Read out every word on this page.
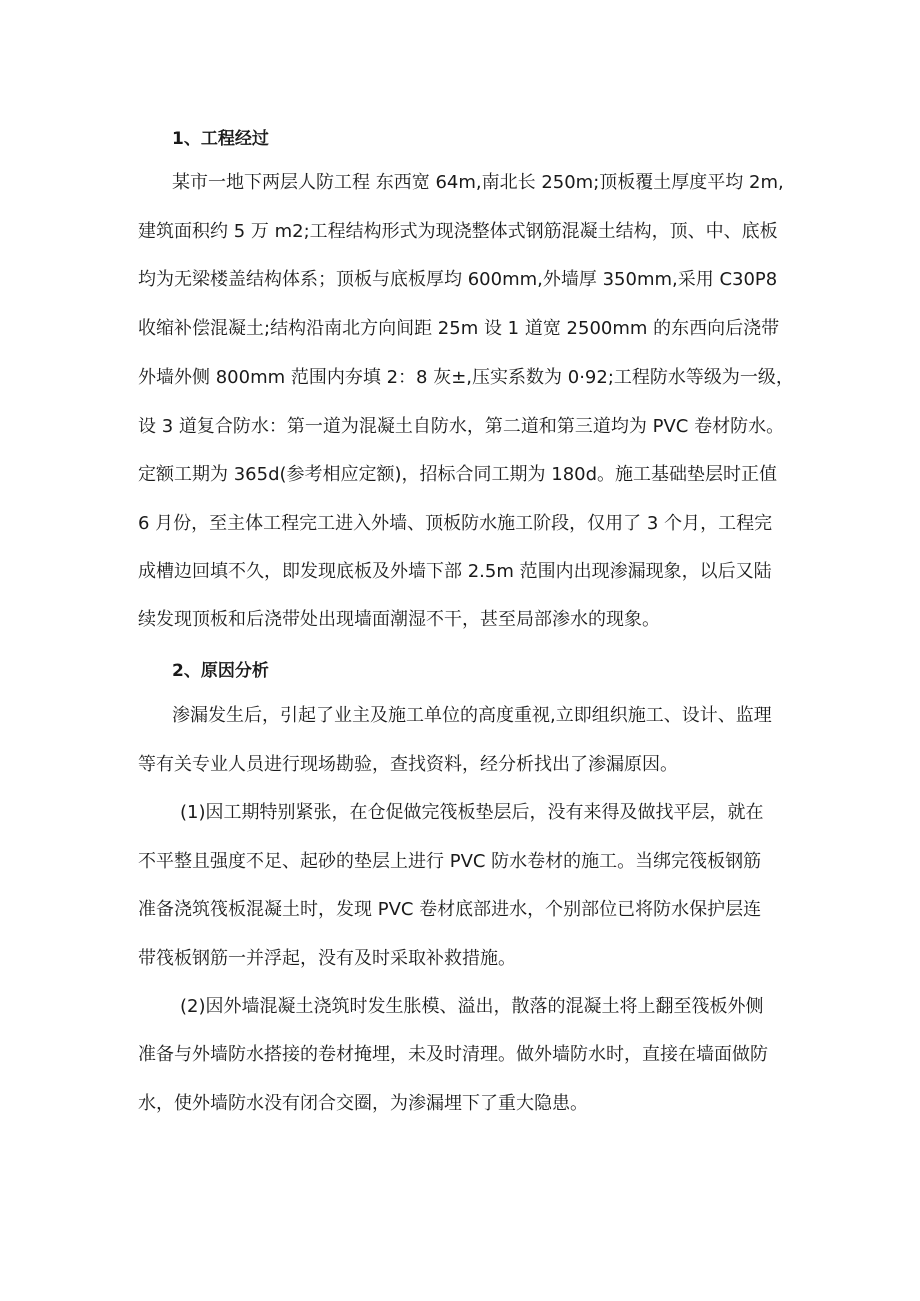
1、工程经过

某市一地下两层人防工程 东西宽 64m,南北长 250m;顶板覆土厚度平均 2m,

建筑面积约 5 万 m2;工程结构形式为现浇整体式钢筋混凝土结构，顶、中、底板

均为无梁楼盖结构体系；顶板与底板厚均 600mm,外墙厚 350mm,采用 C30P8

收缩补偿混凝土;结构沿南北方向间距 25m 设 1 道宽 2500mm 的东西向后浇带

外墙外侧 800mm 范围内夯填 2：8 灰±,压实系数为 0·92;工程防水等级为一级，

设 3 道复合防水：第一道为混凝土自防水，第二道和第三道均为 PVC 卷材防水。

定额工期为 365d(参考相应定额)，招标合同工期为 180d。施工基础垫层时正值

6 月份，至主体工程完工进入外墙、顶板防水施工阶段，仅用了 3 个月，工程完

成槽边回填不久，即发现底板及外墙下部 2.5m 范围内出现渗漏现象，以后又陆

续发现顶板和后浇带处出现墙面潮湿不干，甚至局部渗水的现象。

2、原因分析

渗漏发生后，引起了业主及施工单位的高度重视,立即组织施工、设计、监理

等有关专业人员进行现场勘验，查找资料，经分析找出了渗漏原因。

(1)因工期特别紧张，在仓促做完筏板垫层后，没有来得及做找平层，就在

不平整且强度不足、起砂的垫层上进行 PVC 防水卷材的施工。当绑完筏板钢筋

准备浇筑筏板混凝土时，发现 PVC 卷材底部进水，个别部位已将防水保护层连

带筏板钢筋一并浮起，没有及时采取补救措施。

(2)因外墙混凝土浇筑时发生胀模、溢出，散落的混凝土将上翻至筏板外侧

准备与外墙防水搭接的卷材掩埋，未及时清理。做外墙防水时，直接在墙面做防

水，使外墙防水没有闭合交圈，为渗漏埋下了重大隐患。
